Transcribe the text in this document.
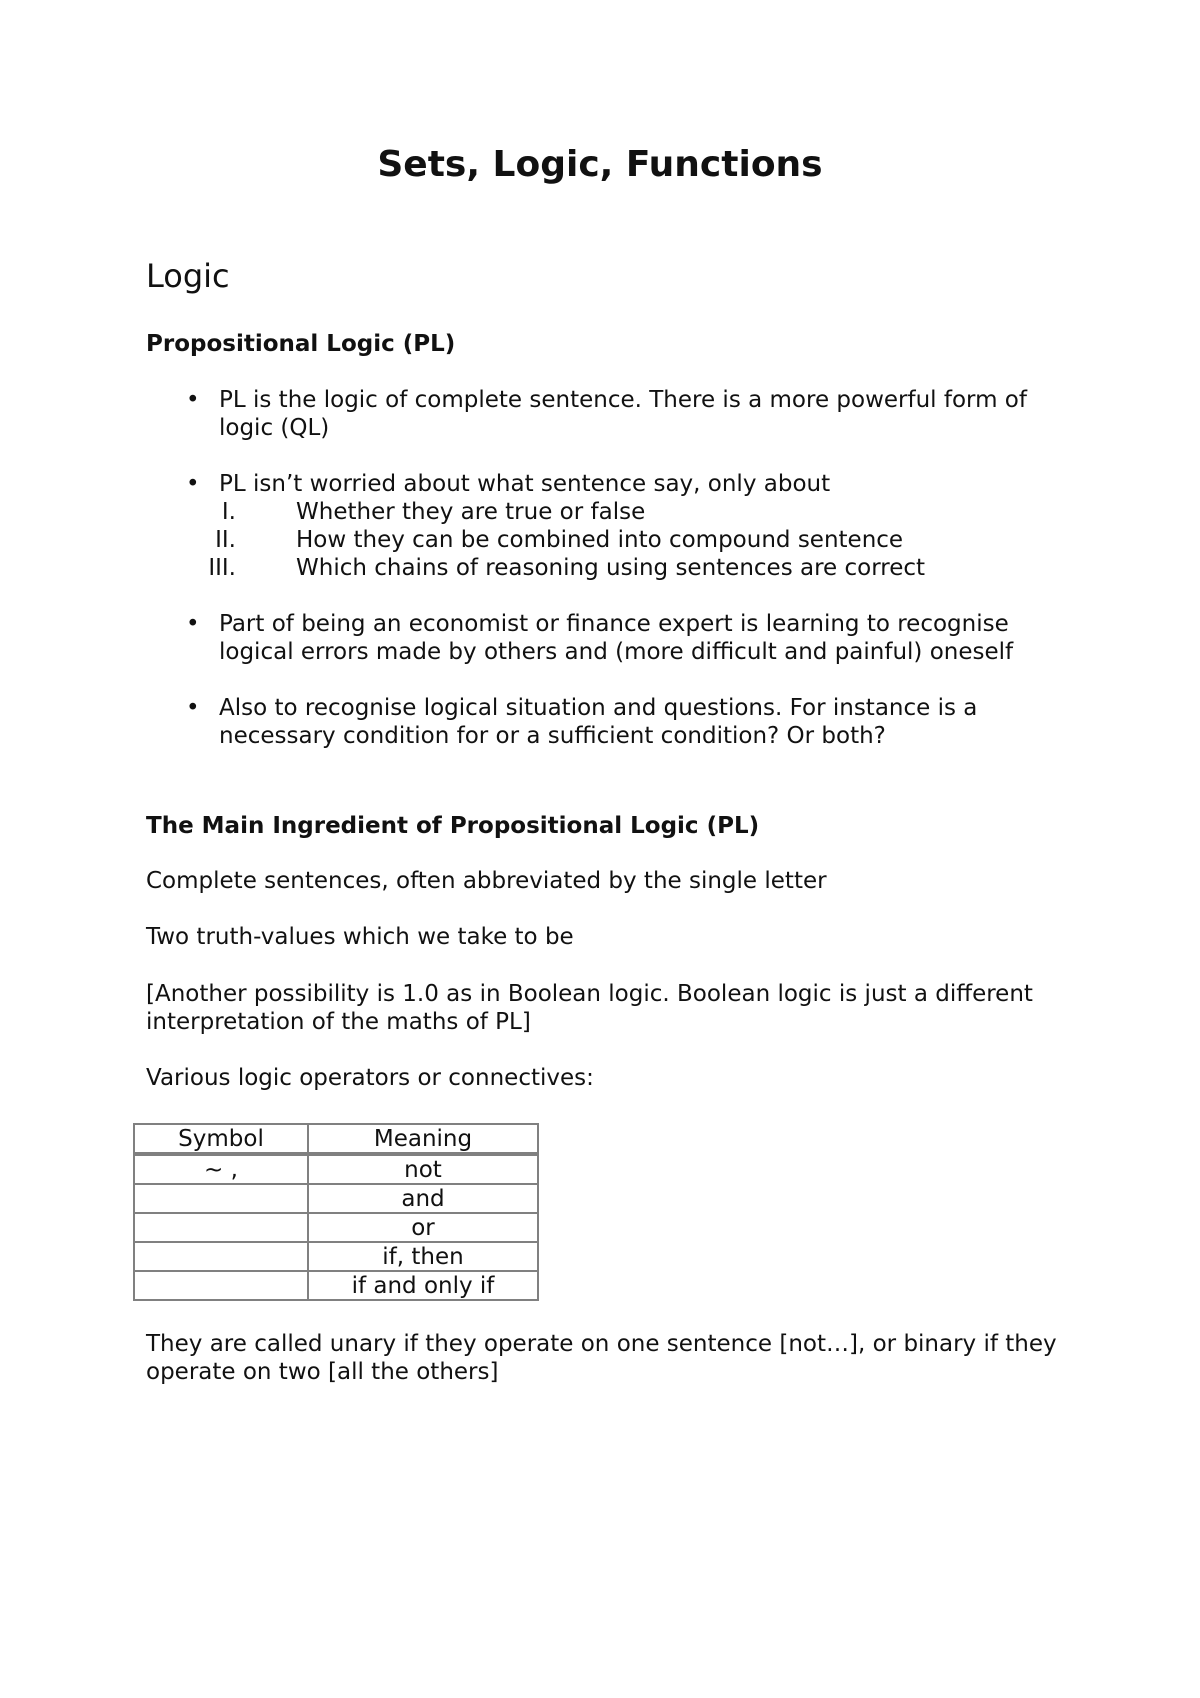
Sets, Logic, Functions
Logic
Propositional Logic (PL)
• PL is the logic of complete sentence. There is a more powerful form of logic (QL)
• PL isn’t worried about what sentence say, only about
I.	Whether they are true or false
II.	How they can be combined into compound sentence
III.	Which chains of reasoning using sentences are correct
• Part of being an economist or finance expert is learning to recognise logical errors made by others and (more difficult and painful) oneself
• Also to recognise logical situation and questions. For instance is a necessary condition for or a sufficient condition? Or both?
The Main Ingredient of Propositional Logic (PL)

Complete sentences, often abbreviated by the single letter

Two truth-values which we take to be

[Another possibility is 1.0 as in Boolean logic. Boolean logic is just a different interpretation of the maths of PL]

Various logic operators or connectives:

Symbol	Meaning
~ ,	not
	and
	or
	if, then
	if and only if

They are called unary if they operate on one sentence [not…], or binary if they operate on two [all the others]
